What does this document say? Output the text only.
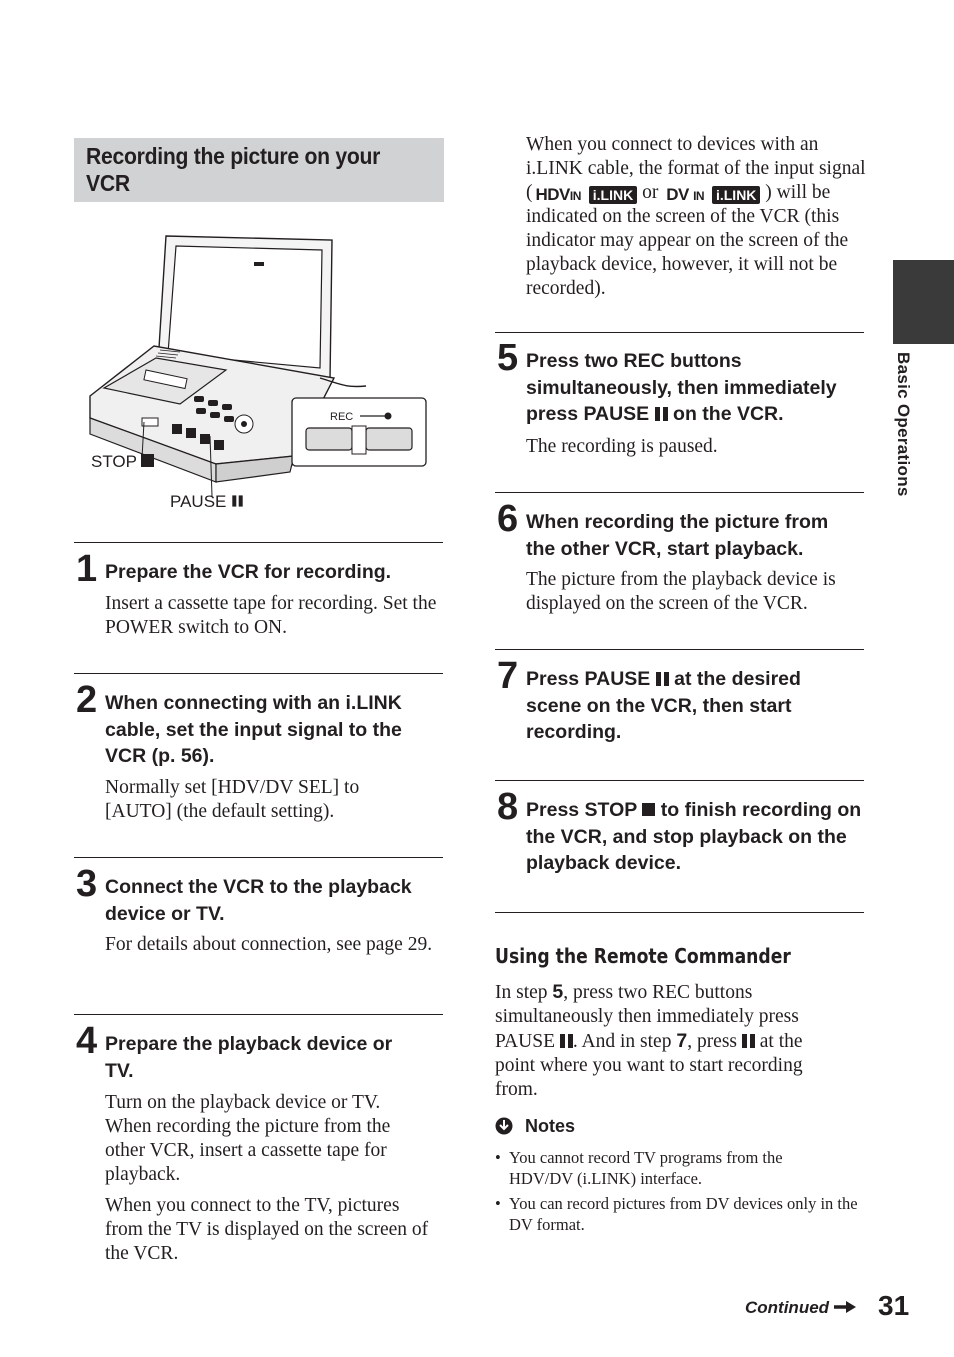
Recording the picture on your VCR
Basic Operations
REC
STOP
PAUSE
1 Prepare the VCR for recording.
Insert a cassette tape for recording. Set the POWER switch to ON.
2 When connecting with an i.LINK cable, set the input signal to the VCR (p. 56).
Normally set [HDV/DV SEL] to [AUTO] (the default setting).
3 Connect the VCR to the playback device or TV.
For details about connection, see page 29.
4 Prepare the playback device or TV.
Turn on the playback device or TV. When recording the picture from the other VCR, insert a cassette tape for playback.
When you connect to the TV, pictures from the TV is displayed on the screen of the VCR.
When you connect to devices with an i.LINK cable, the format of the input signal ( HDVIN i.LINK or DV IN i.LINK ) will be indicated on the screen of the VCR (this indicator may appear on the screen of the playback device, however, it will not be recorded).
5 Press two REC buttons simultaneously, then immediately press PAUSE on the VCR.
The recording is paused.
6 When recording the picture from the other VCR, start playback.
The picture from the playback device is displayed on the screen of the VCR.
7 Press PAUSE at the desired scene on the VCR, then start recording.
8 Press STOP to finish recording on the VCR, and stop playback on the playback device.
Using the Remote Commander
In step 5, press two REC buttons simultaneously then immediately press PAUSE . And in step 7, press  at the point where you want to start recording from.
Notes
• You cannot record TV programs from the HDV/DV (i.LINK) interface.
• You can record pictures from DV devices only in the DV format.
Continued	31
